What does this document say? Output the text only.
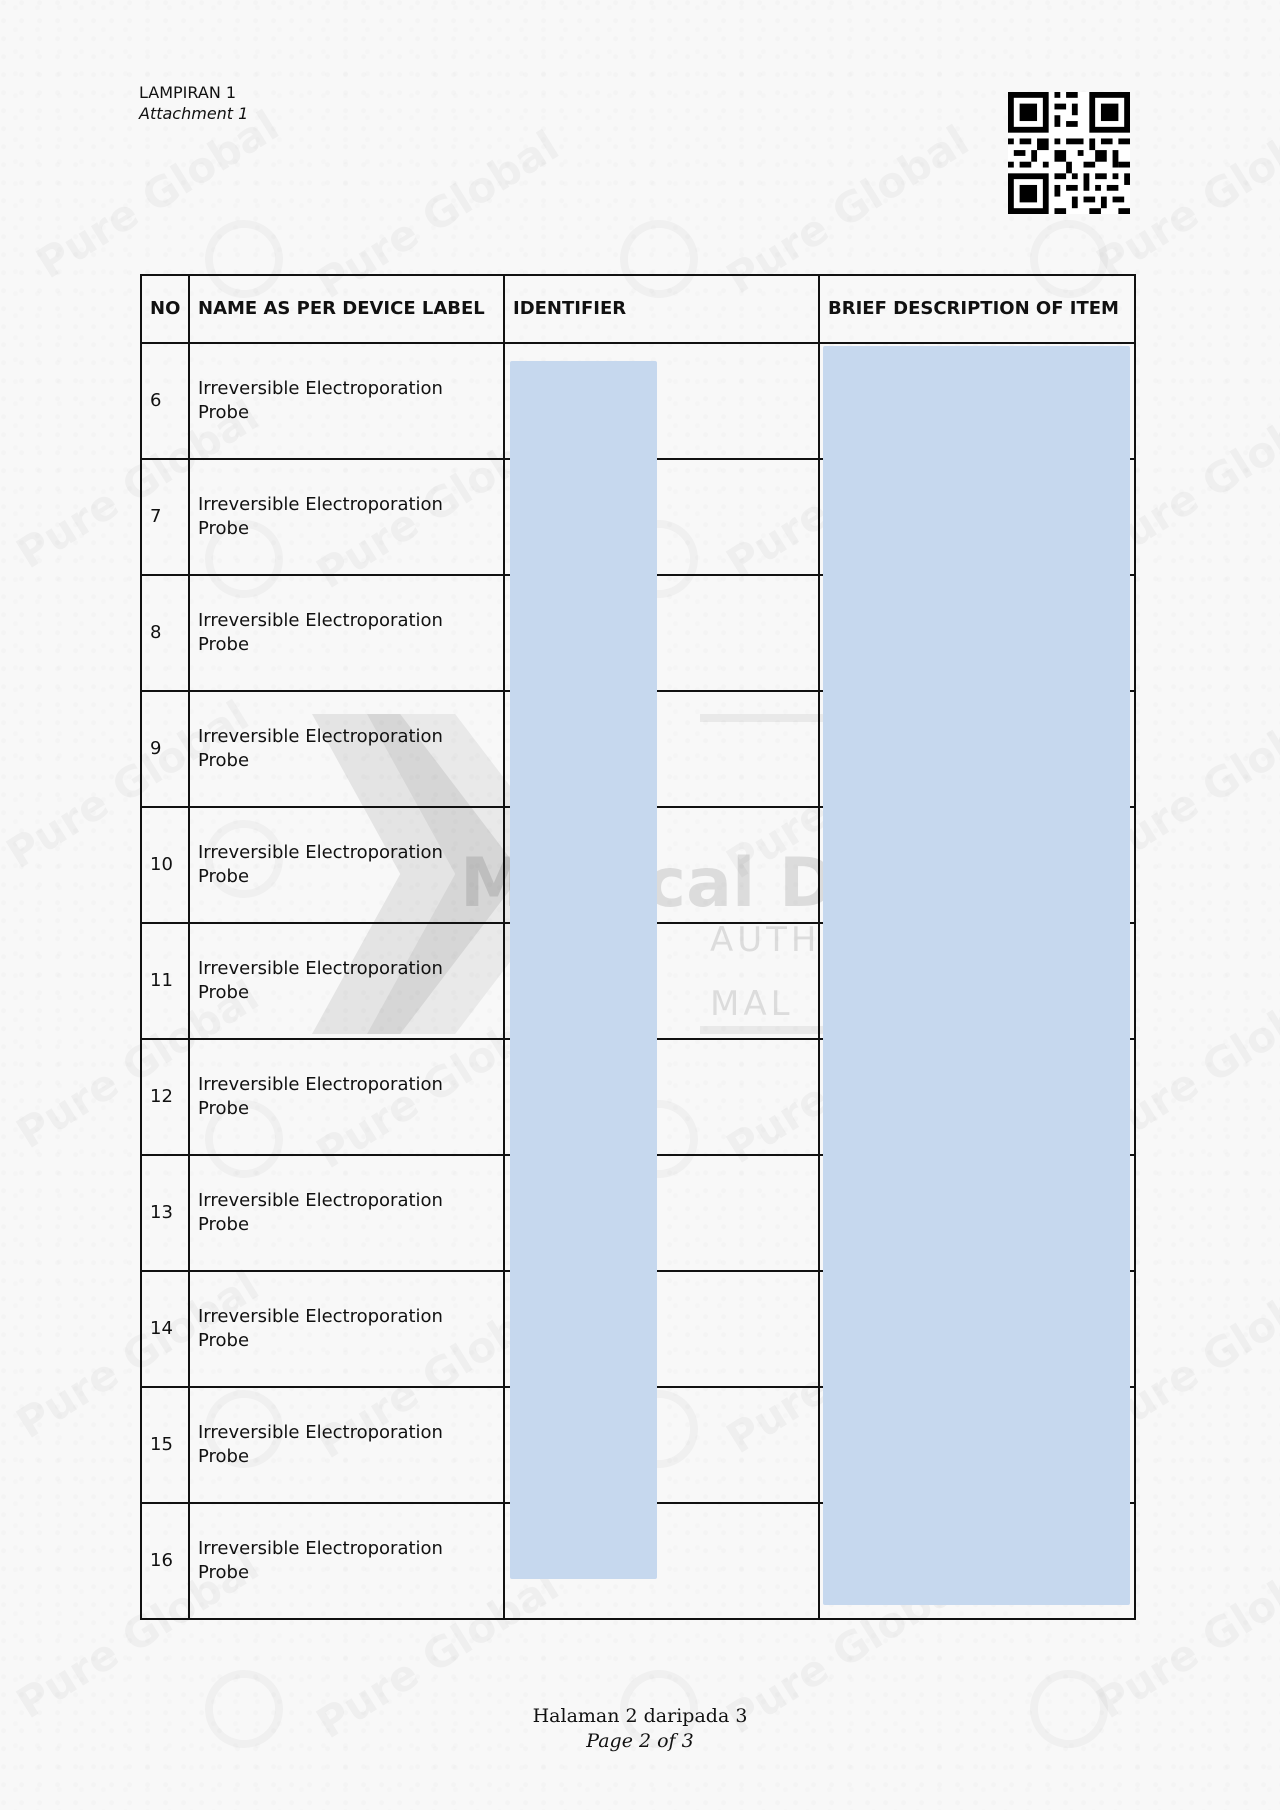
LAMPIRAN 1
Attachment 1
NO	NAME AS PER DEVICE LABEL	IDENTIFIER	BRIEF DESCRIPTION OF ITEM
6	Irreversible Electroporation Probe		
7	Irreversible Electroporation Probe		
8	Irreversible Electroporation Probe		
9	Irreversible Electroporation Probe		
10	Irreversible Electroporation Probe		
11	Irreversible Electroporation Probe		
12	Irreversible Electroporation Probe		
13	Irreversible Electroporation Probe		
14	Irreversible Electroporation Probe		
15	Irreversible Electroporation Probe		
16	Irreversible Electroporation Probe		
Halaman 2 daripada 3
Page 2 of 3
